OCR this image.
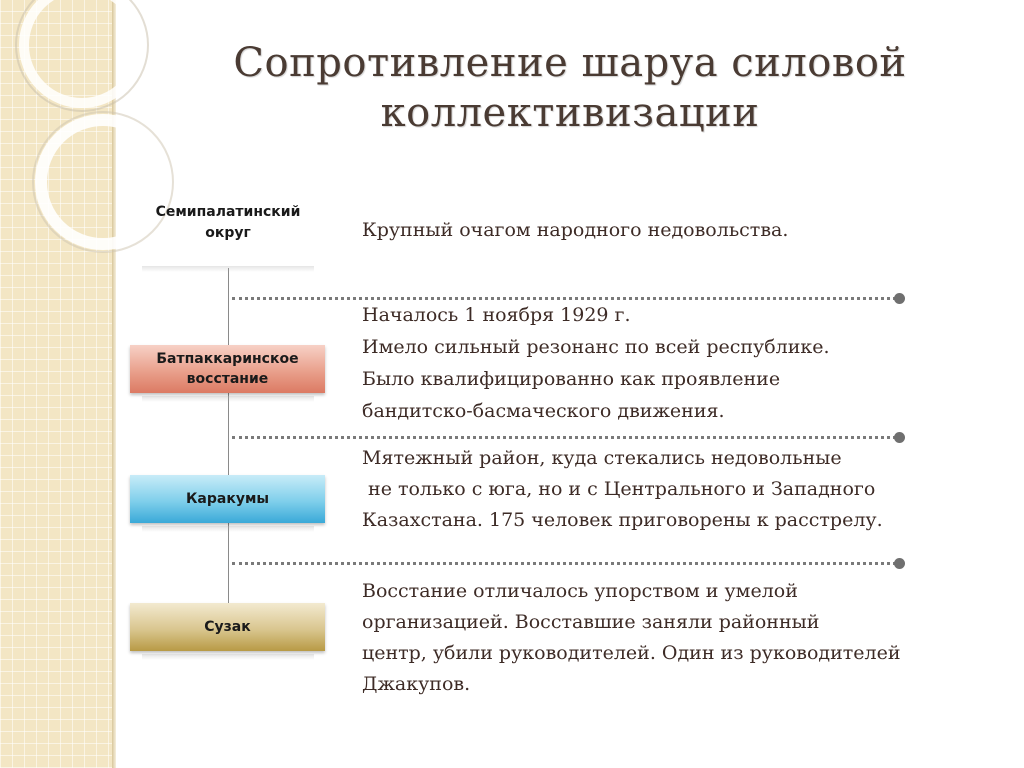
Сопротивление шаруа силовой
коллективизации
Семипалатинский
округ
Батпаккаринское
восстание
Каракумы
Сузак
Крупный очагом народного недовольства.
Началось 1 ноября 1929 г.
Имело сильный резонанс по всей республике.
Было квалифицированно как проявление
бандитско-басмаческого движения.
Мятежный район, куда стекались недовольные
не только с юга, но и с Центрального и Западного
Казахстана. 175 человек приговорены к расстрелу.
Восстание отличалось упорством и умелой
организацией. Восставшие заняли районный
центр, убили руководителей. Один из руководителей
Джакупов.
